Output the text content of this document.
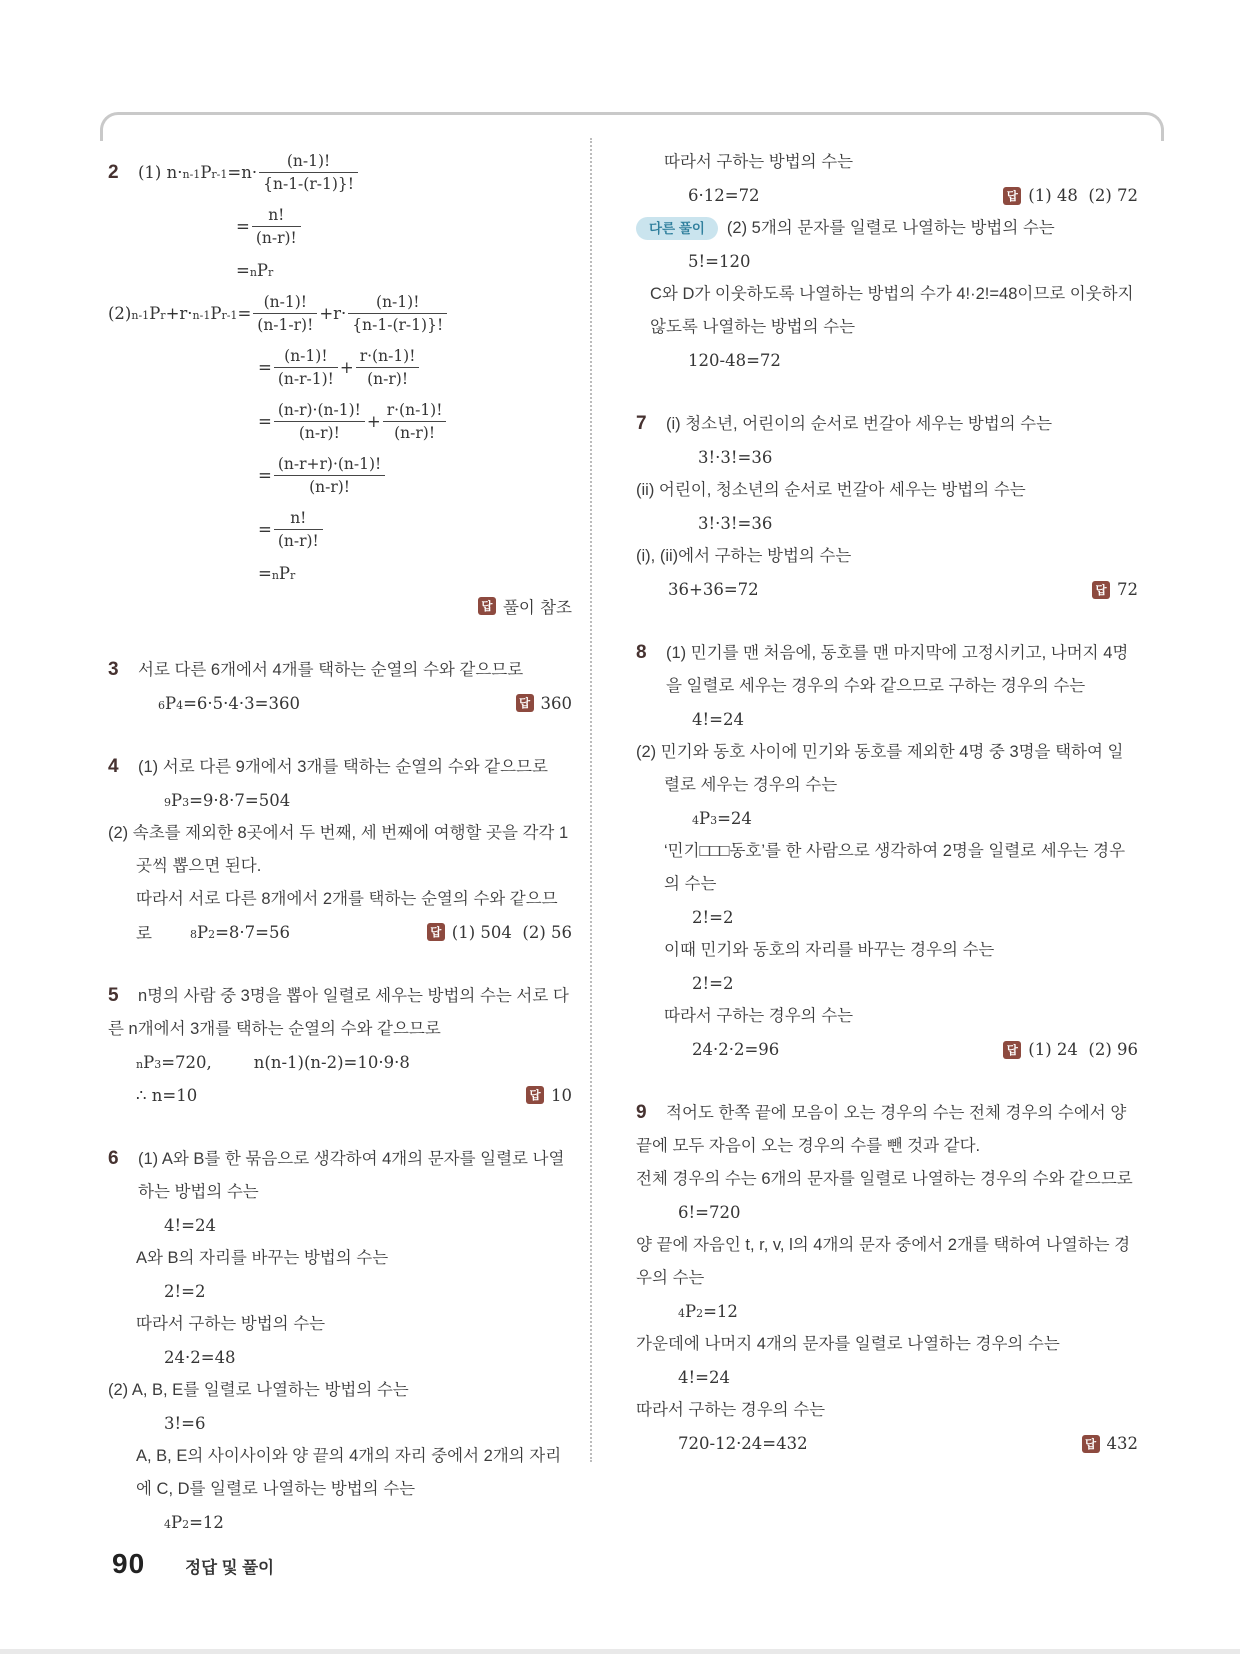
2	(1) $n\cdot_{n-1}$ $P_{r-1} =n\cdot \frac{(n-1)!}{\{n-1-(r-1)\}!}$
= $\frac{n!}{(n-r)!}$
$=_n$ $P_r$
(2) $_{n-1}$ $P_r +r\cdot_{n-1}$ $P_{r-1} = \frac{(n-1)!}{(n-1-r)!} +r\cdot \frac{(n-1)!}{\{n-1-(r-1)\}!}$
= $\frac{(n-1)!}{(n-r-1)!} + \frac{r\cdot(n-1)!}{(n-r)!}$
= $\frac{(n-r)\cdot(n-1)!}{(n-r)!} + \frac{r\cdot(n-1)!}{(n-r)!}$
= $\frac{(n-r+r)\cdot(n-1)!}{(n-r)!}$
= $\frac{n!}{(n-r)!}$
$=_n$ $P_r$
답 풀이 참조
3 서로 다른 6개에서 4개를 택하는 순열의 수와 같으므로
$_6$ $P_4 =6\cdot 5\cdot 4\cdot 3=360$	답 360
4 (1) 서로 다른 9개에서 3개를 택하는 순열의 수와 같으므로
$_9$ $P_3 =9\cdot 8\cdot 7=504$
(2) 속초를 제외한 8곳에서 두 번째, 세 번째에 여행할 곳을 각각 1곳씩 뽑으면 된다.
따라서 서로 다른 8개에서 2개를 택하는 순열의 수와 같으므
로	$_8$ $P_2 =8\cdot 7=56$	답 (1) 504  (2) 56
5 n명의 사람 중 3명을 뽑아 일렬로 세우는 방법의 수는 서로 다른 n개에서 3개를 택하는 순열의 수와 같으므로
$_n$ $P_3 =720$,	n(n-1)(n-2)=10·9·8
∴ n=10	답 10
6 (1) A와 B를 한 묶음으로 생각하여 4개의 문자를 일렬로 나열하는 방법의 수는
4!=24
A와 B의 자리를 바꾸는 방법의 수는
2!=2
따라서 구하는 방법의 수는
24·2=48
(2) A, B, E를 일렬로 나열하는 방법의 수는
3!=6
A, B, E의 사이사이와 양 끝의 4개의 자리 중에서 2개의 자리에 C, D를 일렬로 나열하는 방법의 수는
$_4$ $P_2 =12$
따라서 구하는 방법의 수는
6·12=72	답 (1) 48  (2) 72
다른 풀이 (2) 5개의 문자를 일렬로 나열하는 방법의 수는
5!=120
C와 D가 이웃하도록 나열하는 방법의 수가 4!·2!=48이므로 이웃하지 않도록 나열하는 방법의 수는
120-48=72
7 (i) 청소년, 어린이의 순서로 번갈아 세우는 방법의 수는
3!·3!=36
(ii) 어린이, 청소년의 순서로 번갈아 세우는 방법의 수는
3!·3!=36
(i), (ii)에서 구하는 방법의 수는
36+36=72	답 72
8 (1) 민기를 맨 처음에, 동호를 맨 마지막에 고정시키고, 나머지 4명을 일렬로 세우는 경우의 수와 같으므로 구하는 경우의 수는
4!=24
(2) 민기와 동호 사이에 민기와 동호를 제외한 4명 중 3명을 택하여 일렬로 세우는 경우의 수는
$_4$ $P_3 =24$
‘민기□□□동호’를 한 사람으로 생각하여 2명을 일렬로 세우는 경우의 수는
2!=2
이때 민기와 동호의 자리를 바꾸는 경우의 수는
2!=2
따라서 구하는 경우의 수는
24·2·2=96	답 (1) 24  (2) 96
9 적어도 한쪽 끝에 모음이 오는 경우의 수는 전체 경우의 수에서 양 끝에 모두 자음이 오는 경우의 수를 뺀 것과 같다.
전체 경우의 수는 6개의 문자를 일렬로 나열하는 경우의 수와 같으므로
6!=720
양 끝에 자음인 t, r, v, l의 4개의 문자 중에서 2개를 택하여 나열하는 경우의 수는
$_4$ $P_2 =12$
가운데에 나머지 4개의 문자를 일렬로 나열하는 경우의 수는
4!=24
따라서 구하는 경우의 수는
720-12·24=432	답 432
90 정답 및 풀이
